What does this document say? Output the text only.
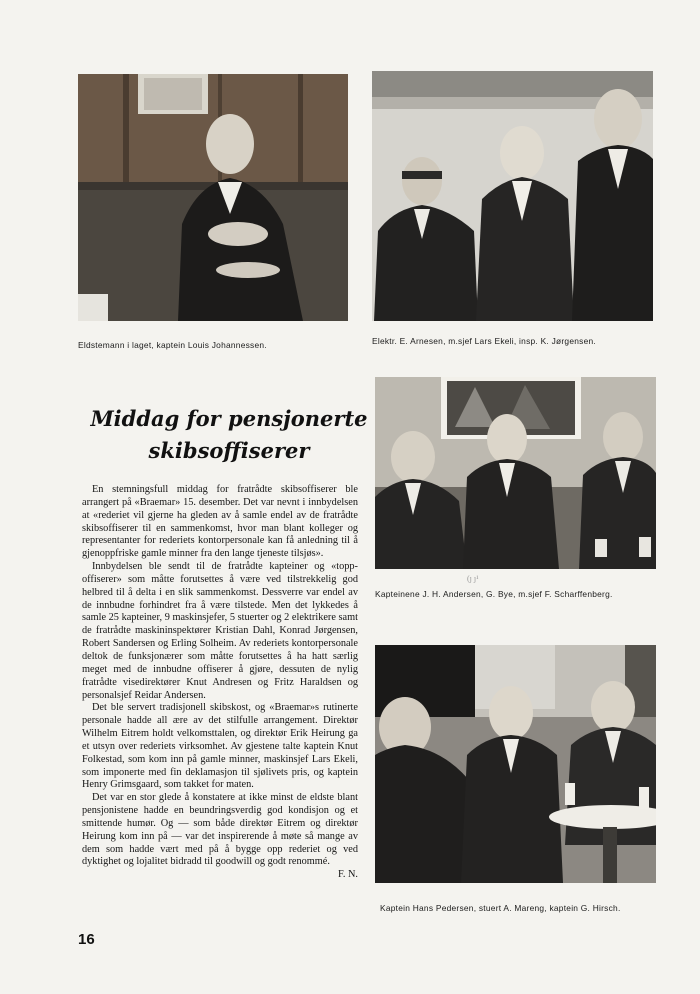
Eldstemann i laget, kaptein Louis Johannessen.	Elektr. E. Arnesen, m.sjef Lars Ekeli, insp. K. Jørgensen.
Kapteinene J. H. Andersen, G. Bye, m.sjef F. Scharffenberg.
Kaptein Hans Pedersen, stuert A. Mareng, kaptein G. Hirsch.
Middag for pensjonerte
skibsoffiserer

En stemningsfull middag for fratrådte skibsoffiserer ble arrangert på «Braemar» 15. desember. Det var nevnt i innbydelsen at «rederiet vil gjerne ha gleden av å samle endel av de fratrådte skibsoffiserer til en sammenkomst, hvor man blant kolleger og representanter for rederiets kontorpersonale kan få anledning til å gjenoppfriske gamle minner fra den lange tjeneste tilsjøs».

Innbydelsen ble sendt til de fratrådte kapteiner og «topp-offiserer» som måtte forutsettes å være ved tilstrekkelig god helbred til å delta i en slik sammenkomst. Dessverre var endel av de innbudne forhindret fra å være tilstede. Men det lykkedes å samle 25 kapteiner, 9 maskinsjefer, 5 stuerter og 2 elektrikere samt de fratrådte maskininspektører Kristian Dahl, Konrad Jørgensen, Robert Sandersen og Erling Solheim. Av rederiets kontorpersonale deltok de funksjonærer som måtte forutsettes å ha hatt særlig meget med de innbudne offiserer å gjøre, dessuten de nylig fratrådte visedirektører Knut Andresen og Fritz Haraldsen og personalsjef Reidar Andersen.

Det ble servert tradisjonell skibskost, og «Braemar»s rutinerte personale hadde all ære av det stilfulle arrangement. Direktør Wilhelm Eitrem holdt velkomsttalen, og direktør Erik Heirung ga et utsyn over rederiets virksomhet. Av gjestene talte kaptein Knut Folkestad, som kom inn på gamle minner, maskinsjef Lars Ekeli, som imponerte med fin deklamasjon til sjølivets pris, og kaptein Henry Grimsgaard, som takket for maten.

Det var en stor glede å konstatere at ikke minst de eldste blant pensjonistene hadde en beundringsverdig god kondisjon og et smittende humør. Og — som både direktør Eitrem og direktør Heirung kom inn på — var det inspirerende å møte så mange av dem som hadde vært med på å bygge opp rederiet og ved dyktighet og lojalitet bidradd til goodwill og godt renommé.

F. N.
(ȷ ȷ¹
16
